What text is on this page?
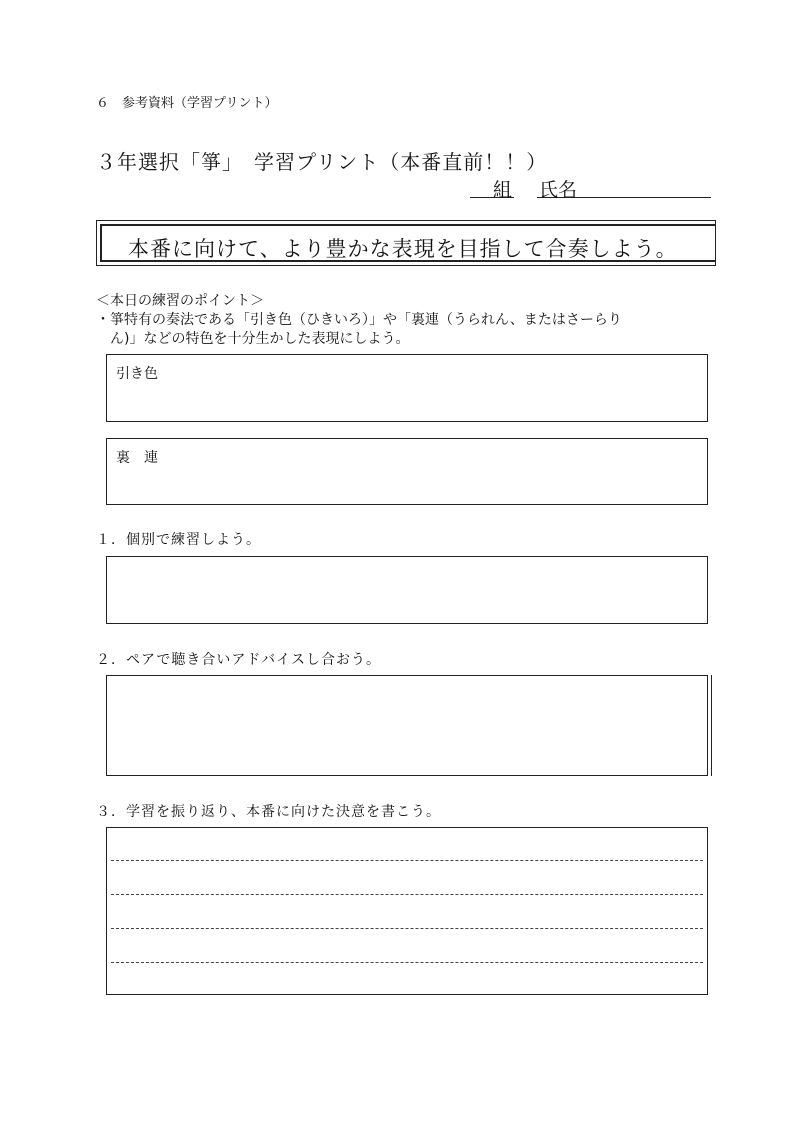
６　参考資料（学習プリント）
３年選択「箏」　学習プリント（本番直前！！）
組 氏名
本番に向けて、より豊かな表現を目指して合奏しよう。
＜本日の練習のポイント＞
・箏特有の奏法である「引き色（ひきいろ）」や「裏連（うられん、またはさーらり
ん)」などの特色を十分生かした表現にしよう。
引き色
裏　連
１．個別で練習しよう。
２．ペアで聴き合いアドバイスし合おう。
３．学習を振り返り、本番に向けた決意を書こう。
